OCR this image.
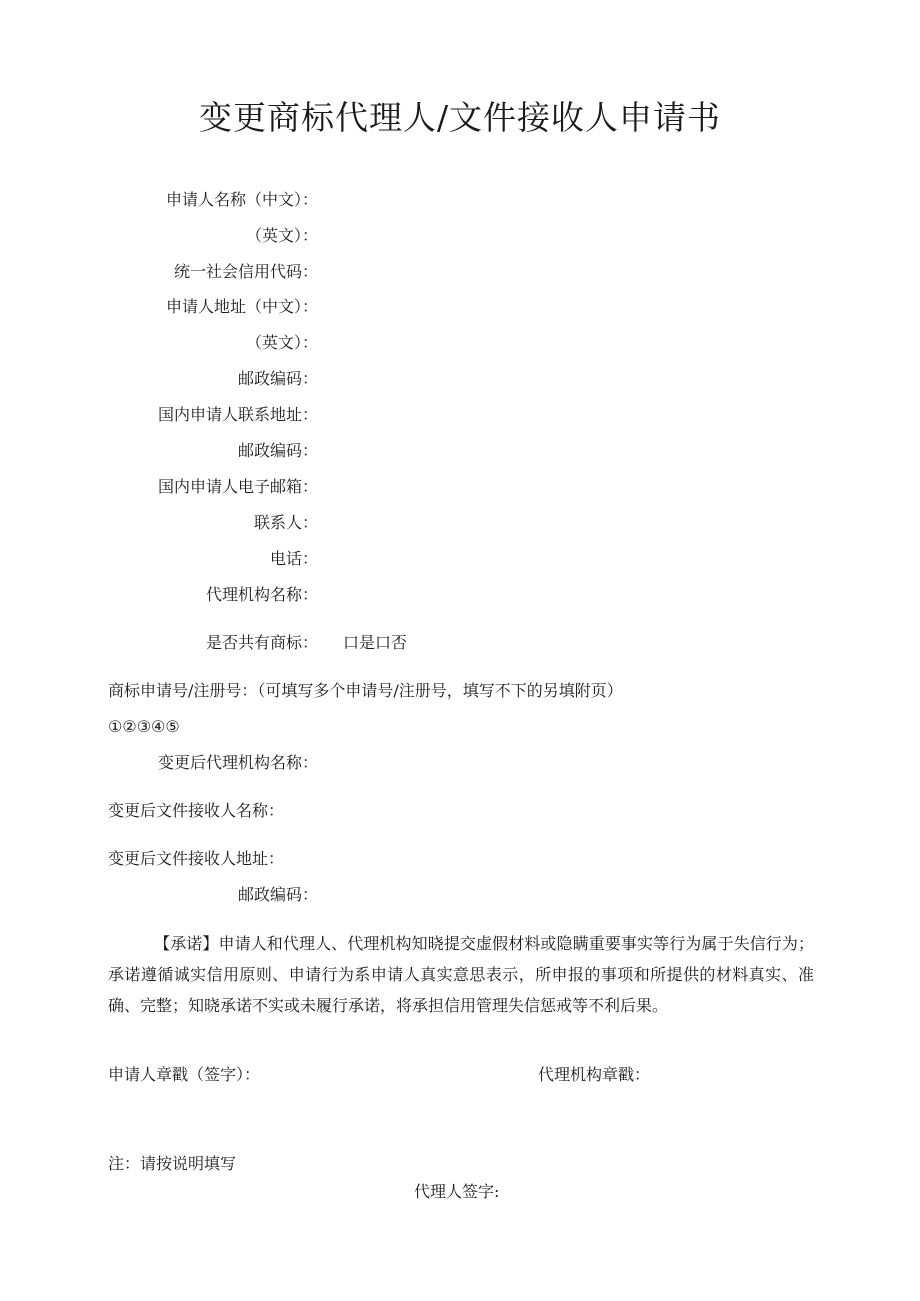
变更商标代理人/文件接收人申请书
申请人名称（中文）：
（英文）：
统一社会信用代码：
申请人地址（中文）：
（英文）：
邮政编码：
国内申请人联系地址：
邮政编码：
国内申请人电子邮箱：
联系人：
电话：
代理机构名称：
是否共有商标： 口是口否
商标申请号/注册号：（可填写多个申请号/注册号，填写不下的另填附页）
①②③④⑤
变更后代理机构名称：
变更后文件接收人名称：
变更后文件接收人地址：
邮政编码：
【承诺】申请人和代理人、代理机构知晓提交虚假材料或隐瞒重要事实等行为属于失信行为；承诺遵循诚实信用原则、申请行为系申请人真实意思表示，所申报的事项和所提供的材料真实、准确、完整；知晓承诺不实或未履行承诺，将承担信用管理失信惩戒等不利后果。
申请人章戳（签字）：	代理机构章戳：
注：请按说明填写
代理人签字:
